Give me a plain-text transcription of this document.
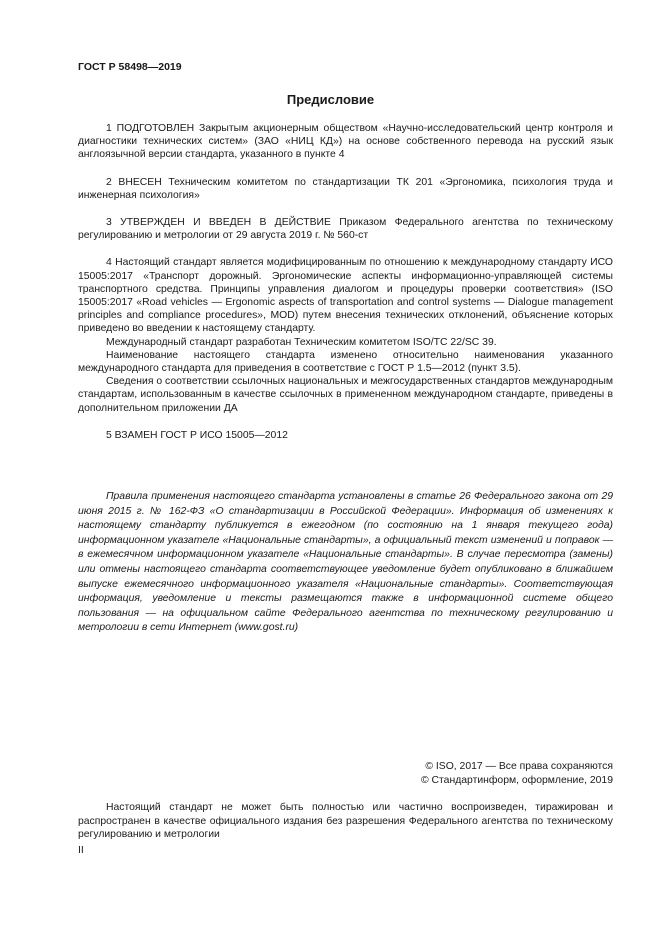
ГОСТ Р 58498—2019
Предисловие

1 ПОДГОТОВЛЕН Закрытым акционерным обществом «Научно-исследовательский центр контроля и диагностики технических систем» (ЗАО «НИЦ КД») на основе собственного перевода на русский язык англоязычной версии стандарта, указанного в пункте 4

2 ВНЕСЕН Техническим комитетом по стандартизации ТК 201 «Эргономика, психология труда и инженерная психология»

3 УТВЕРЖДЕН И ВВЕДЕН В ДЕЙСТВИЕ Приказом Федерального агентства по техническому регулированию и метрологии от 29 августа 2019 г. № 560-ст

4 Настоящий стандарт является модифицированным по отношению к международному стандарту ИСО 15005:2017 «Транспорт дорожный. Эргономические аспекты информационно-управляющей системы транспортного средства. Принципы управления диалогом и процедуры проверки соответствия» (ISO 15005:2017 «Road vehicles — Ergonomic aspects of transportation and control systems — Dialogue management principles and compliance procedures», MOD) путем внесения технических отклонений, объяснение которых приведено во введении к настоящему стандарту.

Международный стандарт разработан Техническим комитетом ISO/TC 22/SC 39.

Наименование настоящего стандарта изменено относительно наименования указанного международного стандарта для приведения в соответствие с ГОСТ Р 1.5—2012 (пункт 3.5).

Сведения о соответствии ссылочных национальных и межгосударственных стандартов международным стандартам, использованным в качестве ссылочных в примененном международном стандарте, приведены в дополнительном приложении ДА

5 ВЗАМЕН ГОСТ Р ИСО 15005—2012

Правила применения настоящего стандарта установлены в статье 26 Федерального закона от 29 июня 2015 г. № 162-ФЗ «О стандартизации в Российской Федерации». Информация об изменениях к настоящему стандарту публикуется в ежегодном (по состоянию на 1 января текущего года) информационном указателе «Национальные стандарты», а официальный текст изменений и поправок — в ежемесячном информационном указателе «Национальные стандарты». В случае пересмотра (замены) или отмены настоящего стандарта соответствующее уведомление будет опубликовано в ближайшем выпуске ежемесячного информационного указателя «Национальные стандарты». Соответствующая информация, уведомление и тексты размещаются также в информационной системе общего пользования — на официальном сайте Федерального агентства по техническому регулированию и метрологии в сети Интернет (www.gost.ru)

© ISO, 2017 — Все права сохраняются
© Стандартинформ, оформление, 2019

Настоящий стандарт не может быть полностью или частично воспроизведен, тиражирован и распространен в качестве официального издания без разрешения Федерального агентства по техническому регулированию и метрологии

II
